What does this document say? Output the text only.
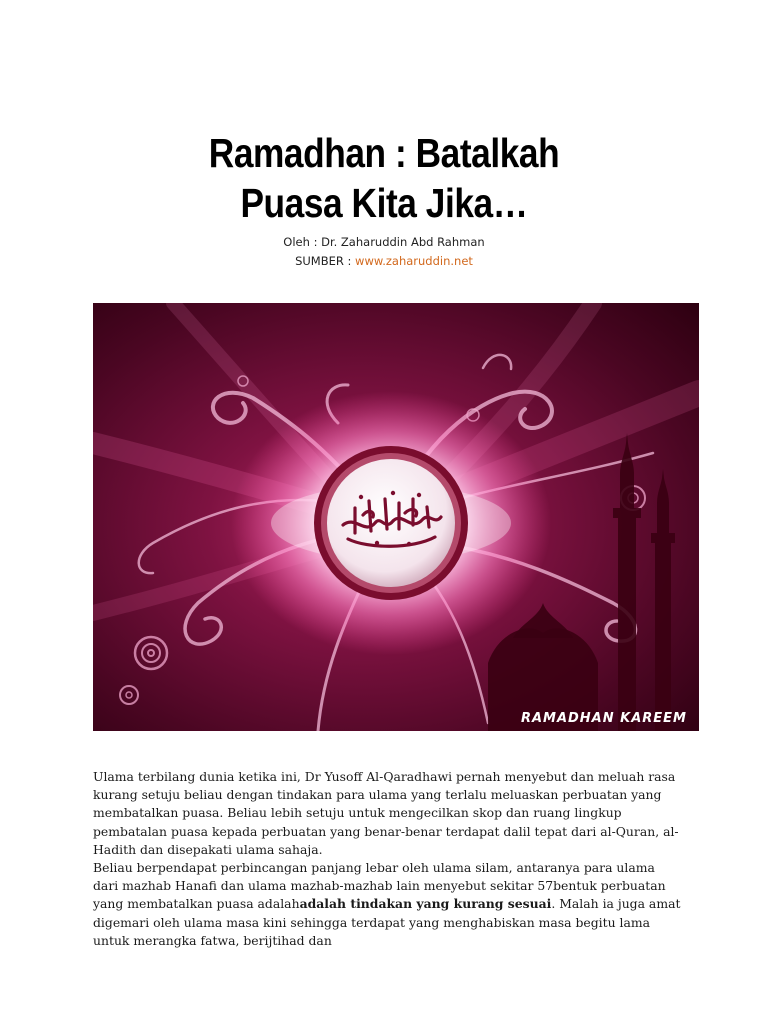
Ramadhan : Batalkah
Puasa Kita Jika…
Oleh : Dr. Zaharuddin Abd Rahman
SUMBER : www.zaharuddin.net
RAMADHAN KAREEM

Ulama terbilang dunia ketika ini, Dr Yusoff Al-Qaradhawi pernah menyebut dan meluah rasa kurang setuju beliau dengan tindakan para ulama yang terlalu meluaskan perbuatan yang membatalkan puasa. Beliau lebih setuju untuk mengecilkan skop dan ruang lingkup pembatalan puasa kepada perbuatan yang benar-benar terdapat dalil tepat dari al-Quran, al-Hadith dan disepakati ulama sahaja.

Beliau berpendapat perbincangan panjang lebar oleh ulama silam, antaranya para ulama dari mazhab Hanafi dan ulama mazhab-mazhab lain menyebut sekitar 57bentuk perbuatan yang membatalkan puasa adalahadalah tindakan yang kurang sesuai. Malah ia juga amat digemari oleh ulama masa kini sehingga terdapat yang menghabiskan masa begitu lama untuk merangka fatwa, berijtihad dan
